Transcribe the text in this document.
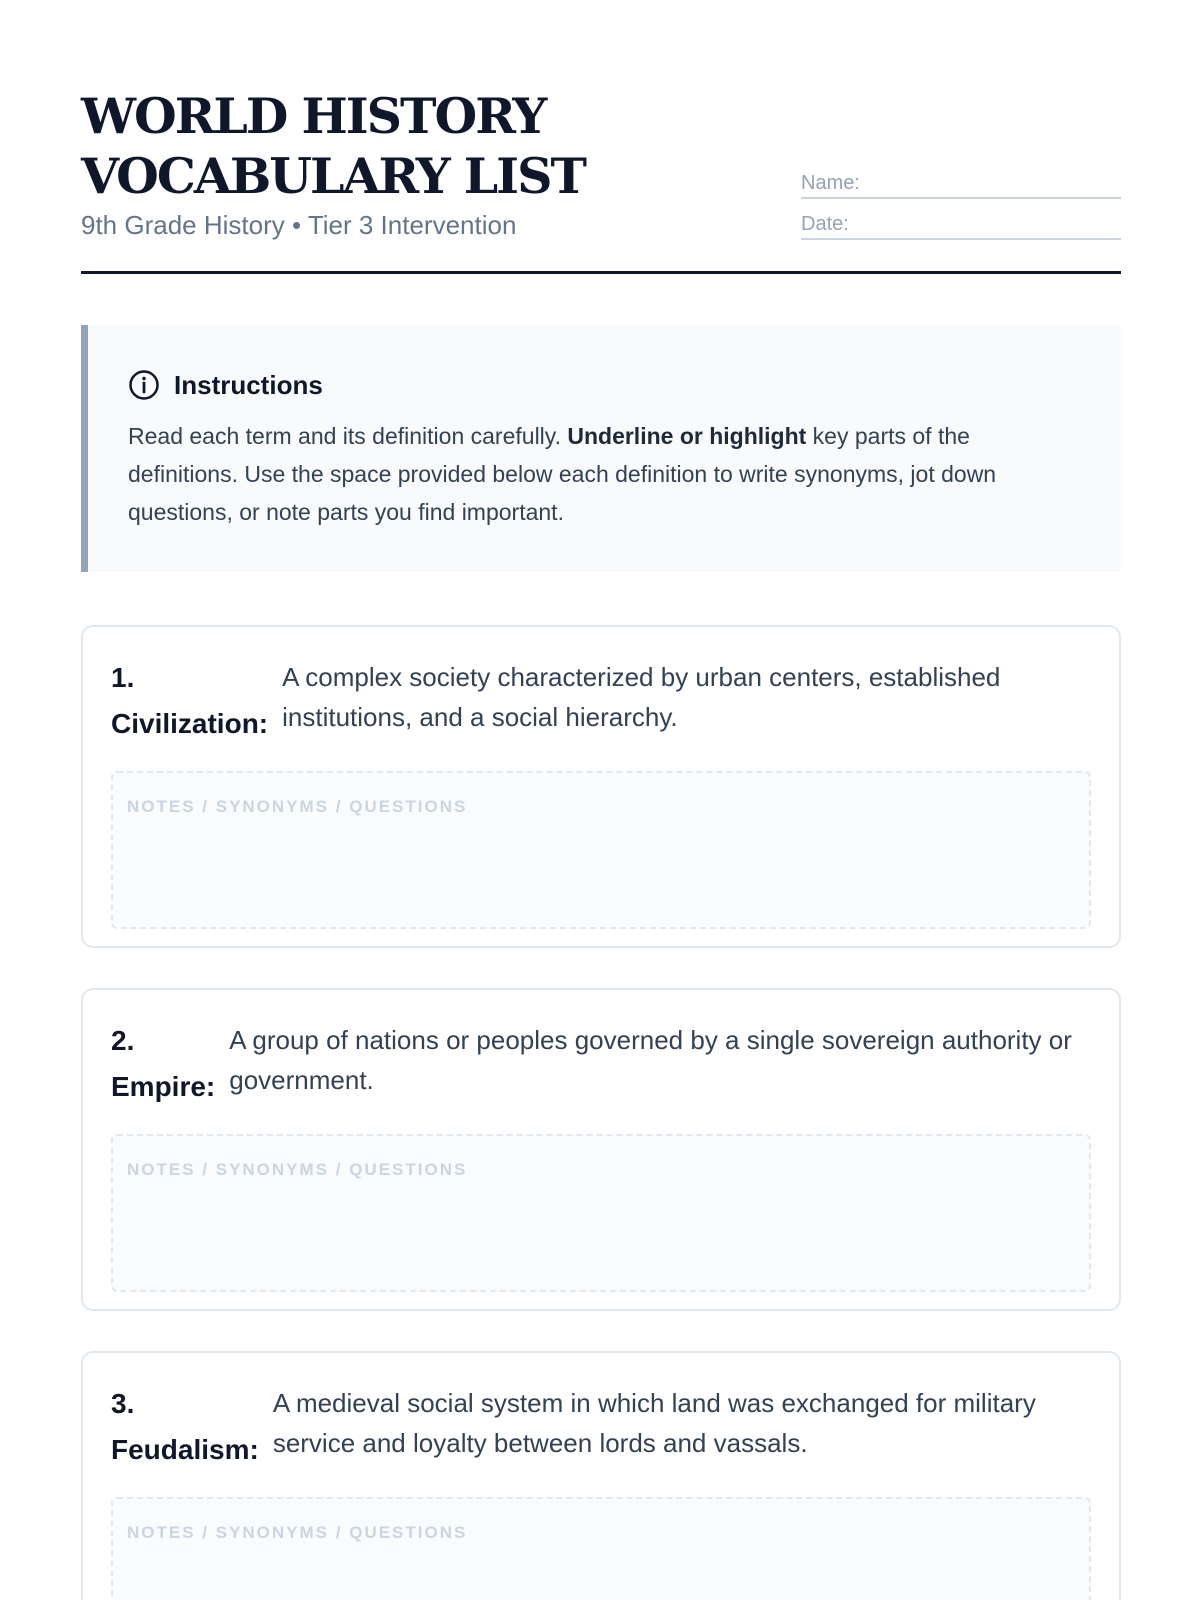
WORLD HISTORY
VOCABULARY LIST
9th Grade History • Tier 3 Intervention
Name:
Date:
Instructions
Read each term and its definition carefully. Underline or highlight key parts of the definitions. Use the space provided below each definition to write synonyms, jot down questions, or note parts you find important.
1.
Civilization:
A complex society characterized by urban centers, established institutions, and a social hierarchy.
NOTES / SYNONYMS / QUESTIONS
2.
Empire:
A group of nations or peoples governed by a single sovereign authority or government.
NOTES / SYNONYMS / QUESTIONS
3.
Feudalism:
A medieval social system in which land was exchanged for military service and loyalty between lords and vassals.
NOTES / SYNONYMS / QUESTIONS
